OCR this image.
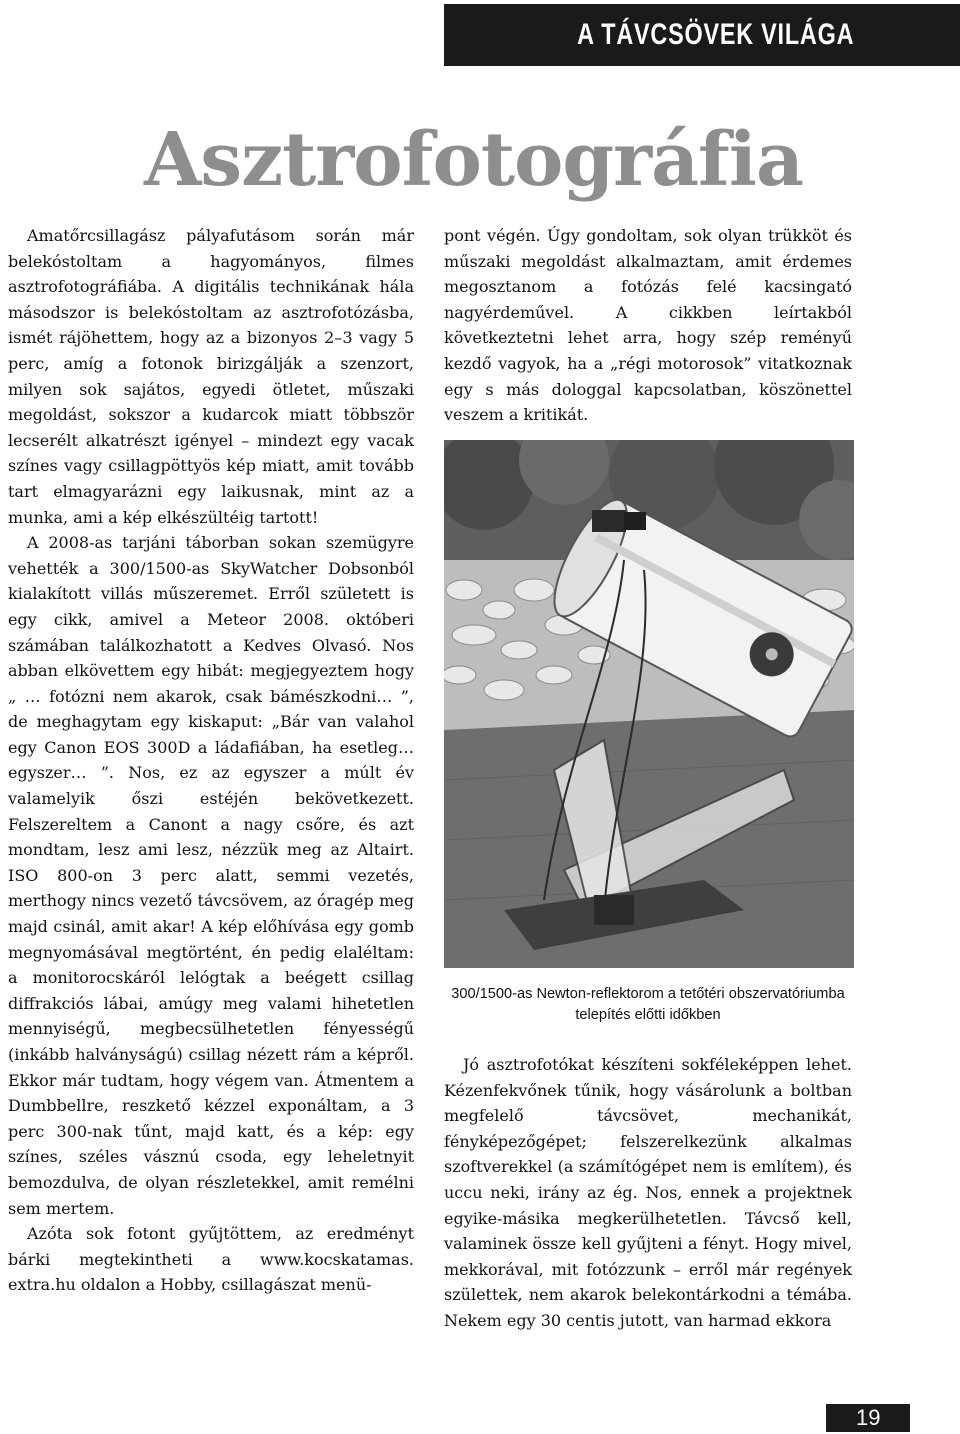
A TÁVCSÖVEK VILÁGA
Asztrofotográfia

Amatőrcsillagász pályafutásom során már belekóstoltam a hagyományos, filmes asztrofotográfiába. A digitális technikának hála másodszor is belekóstoltam az asztrofotózásba, ismét rájöhettem, hogy az a bizonyos 2–3 vagy 5 perc, amíg a fotonok birizgálják a szenzort, milyen sok sajátos, egyedi ötletet, műszaki megoldást, sokszor a kudarcok miatt többször lecserélt alkatrészt igényel – mindezt egy vacak színes vagy csillagpöttyös kép miatt, amit tovább tart elmagyarázni egy laikusnak, mint az a munka, ami a kép elkészültéig tartott!

A 2008-as tarjáni táborban sokan szemügyre vehették a 300/1500-as SkyWatcher Dobsonból kialakított villás műszeremet. Erről született is egy cikk, amivel a Meteor 2008. októberi számában találkozhatott a Kedves Olvasó. Nos abban elkövettem egy hibát: megjegyeztem hogy „ … fotózni nem akarok, csak bámészkodni… ”, de meghagytam egy kiskaput: „Bár van valahol egy Canon EOS 300D a ládafiában, ha esetleg… egyszer… ”. Nos, ez az egyszer a múlt év valamelyik őszi estéjén bekövetkezett. Felszereltem a Canont a nagy csőre, és azt mondtam, lesz ami lesz, nézzük meg az Altairt. ISO 800-on 3 perc alatt, semmi vezetés, merthogy nincs vezető távcsövem, az óragép meg majd csinál, amit akar! A kép előhívása egy gomb megnyomásával megtörtént, én pedig elaléltam: a monitorocskáról lelógtak a beégett csillag diffrakciós lábai, amúgy meg valami hihetetlen mennyiségű, megbecsülhetetlen fényességű (inkább halványságú) csillag nézett rám a képről. Ekkor már tudtam, hogy végem van. Átmentem a Dumbbellre, reszkető kézzel exponáltam, a 3 perc 300-nak tűnt, majd katt, és a kép: egy színes, széles vásznú csoda, egy leheletnyit bemozdulva, de olyan részletekkel, amit remélni sem mertem.

Azóta sok fotont gyűjtöttem, az eredményt bárki megtekintheti a www.kocskatamas. extra.hu oldalon a Hobby, csillagászat menü-

pont végén. Úgy gondoltam, sok olyan trükköt és műszaki megoldást alkalmaztam, amit érdemes megosztanom a fotózás felé kacsingató nagyérdeművel. A cikkben leírtakból következtetni lehet arra, hogy szép reményű kezdő vagyok, ha a „régi motorosok” vitatkoznak egy s más dologgal kapcsolatban, köszönettel veszem a kritikát.

300/1500-as Newton-reflektorom a tetőtéri obszervatóriumba telepítés előtti időkben

Jó asztrofotókat készíteni sokféleképpen lehet. Kézenfekvőnek tűnik, hogy vásárolunk a boltban megfelelő távcsövet, mechanikát, fényképezőgépet; felszerelkezünk alkalmas szoftverekkel (a számítógépet nem is említem), és uccu neki, irány az ég. Nos, ennek a projektnek egyike-másika megkerülhetetlen. Távcső kell, valaminek össze kell gyűjteni a fényt. Hogy mivel, mekkorával, mit fotózzunk – erről már regények születtek, nem akarok belekontárkodni a témába. Nekem egy 30 centis jutott, van harmad ekkora

19
